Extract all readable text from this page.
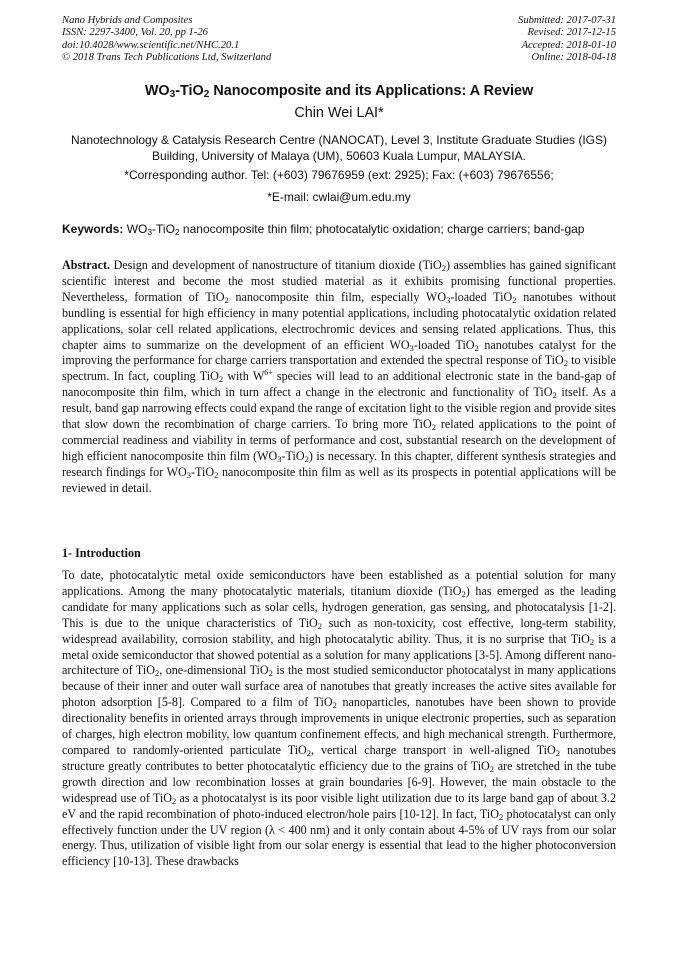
Nano Hybrids and Composites
ISSN: 2297-3400, Vol. 20, pp 1-26
doi:10.4028/www.scientific.net/NHC.20.1
© 2018 Trans Tech Publications Ltd, Switzerland
Submitted: 2017-07-31
Revised: 2017-12-15
Accepted: 2018-01-10
Online: 2018-04-18
$WO_3-TiO_2$ Nanocomposite and its Applications: A Review
Chin Wei LAI*
Nanotechnology & Catalysis Research Centre (NANOCAT), Level 3, Institute Graduate Studies (IGS) Building, University of Malaya (UM), 50603 Kuala Lumpur, MALAYSIA.
*Corresponding author. Tel: (+603) 79676959 (ext: 2925); Fax: (+603) 79676556;
*E-mail: cwlai@um.edu.my
Keywords: $WO_3-TiO_2$ nanocomposite thin film; photocatalytic oxidation; charge carriers; band-gap
Abstract. Design and development of nanostructure of titanium dioxide (TiO$_2$) assemblies has gained significant scientific interest and become the most studied material as it exhibits promising functional properties. Nevertheless, formation of TiO$_2$ nanocomposite thin film, especially $WO_3$-loaded TiO$_2$ nanotubes without bundling is essential for high efficiency in many potential applications, including photocatalytic oxidation related applications, solar cell related applications, electrochromic devices and sensing related applications. Thus, this chapter aims to summarize on the development of an efficient $WO_3$-loaded TiO$_2$ nanotubes catalyst for the improving the performance for charge carriers transportation and extended the spectral response of TiO$_2$ to visible spectrum. In fact, coupling TiO$_2$ with $W^{6+}$ species will lead to an additional electronic state in the band-gap of nanocomposite thin film, which in turn affect a change in the electronic and functionality of TiO$_2$ itself. As a result, band gap narrowing effects could expand the range of excitation light to the visible region and provide sites that slow down the recombination of charge carriers. To bring more TiO$_2$ related applications to the point of commercial readiness and viability in terms of performance and cost, substantial research on the development of high efficient nanocomposite thin film $(WO_3-TiO_2)$ is necessary. In this chapter, different synthesis strategies and research findings for $WO_3-TiO_2$ nanocomposite thin film as well as its prospects in potential applications will be reviewed in detail.
1- Introduction
To date, photocatalytic metal oxide semiconductors have been established as a potential solution for many applications. Among the many photocatalytic materials, titanium dioxide (TiO$_2$) has emerged as the leading candidate for many applications such as solar cells, hydrogen generation, gas sensing, and photocatalysis [1-2]. This is due to the unique characteristics of TiO$_2$ such as non-toxicity, cost effective, long-term stability, widespread availability, corrosion stability, and high photocatalytic ability. Thus, it is no surprise that TiO$_2$ is a metal oxide semiconductor that showed potential as a solution for many applications [3-5]. Among different nano-architecture of TiO$_2$, one-dimensional TiO$_2$ is the most studied semiconductor photocatalyst in many applications because of their inner and outer wall surface area of nanotubes that greatly increases the active sites available for photon adsorption [5-8]. Compared to a film of TiO$_2$ nanoparticles, nanotubes have been shown to provide directionality benefits in oriented arrays through improvements in unique electronic properties, such as separation of charges, high electron mobility, low quantum confinement effects, and high mechanical strength. Furthermore, compared to randomly-oriented particulate TiO$_2$, vertical charge transport in well-aligned TiO$_2$ nanotubes structure greatly contributes to better photocatalytic efficiency due to the grains of TiO$_2$ are stretched in the tube growth direction and low recombination losses at grain boundaries [6-9]. However, the main obstacle to the widespread use of TiO$_2$ as a photocatalyst is its poor visible light utilization due to its large band gap of about 3.2 eV and the rapid recombination of photo-induced electron/hole pairs [10-12]. In fact, TiO$_2$ photocatalyst can only effectively function under the UV region (λ < 400 nm) and it only contain about 4-5% of UV rays from our solar energy. Thus, utilization of visible light from our solar energy is essential that lead to the higher photoconversion efficiency [10-13]. These drawbacks
